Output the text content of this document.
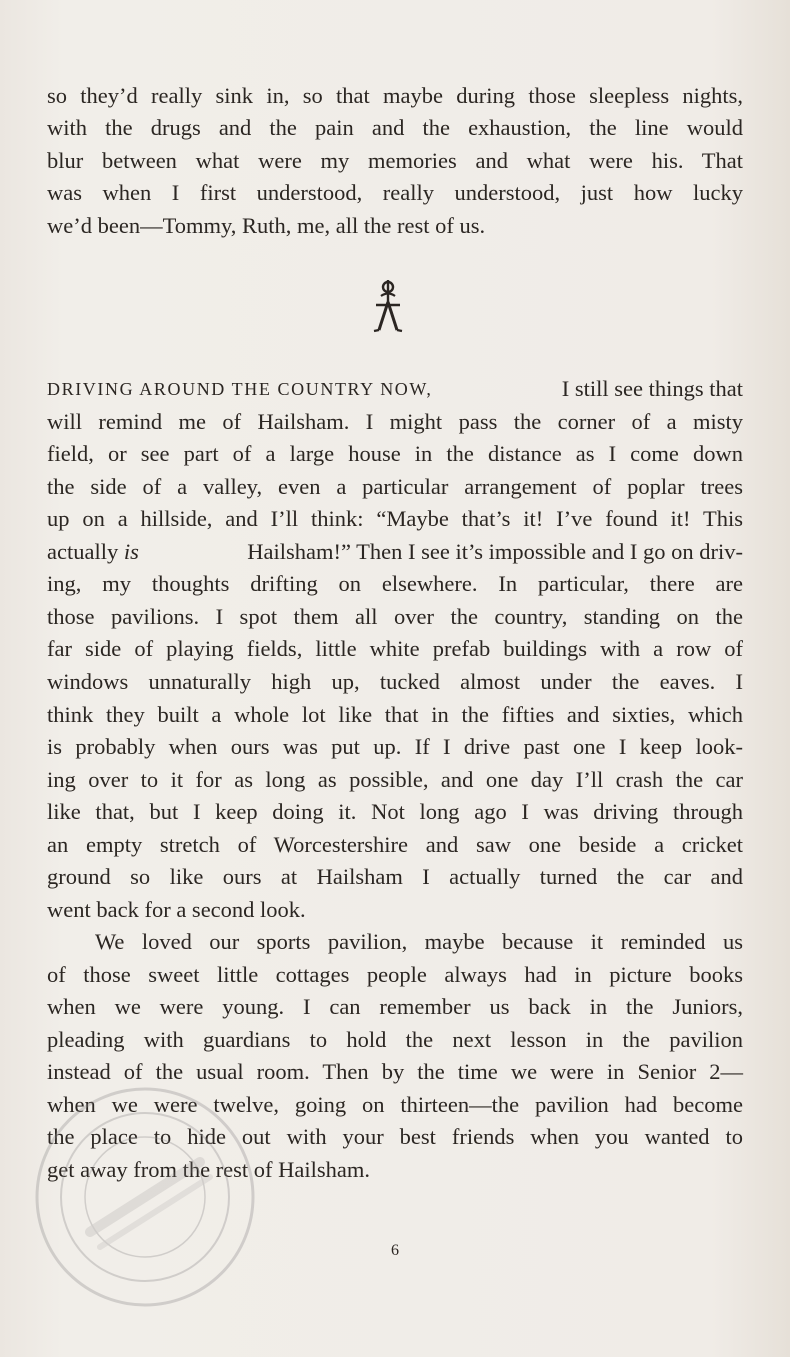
so they’d really sink in, so that maybe during those sleepless nights,
with the drugs and the pain and the exhaustion, the line would
blur between what were my memories and what were his. That
was when I first understood, really understood, just how lucky
we’d been—Tommy, Ruth, me, all the rest of us.
DRIVING AROUND THE COUNTRY NOW,	I still see things that
will remind me of Hailsham. I might pass the corner of a misty
field, or see part of a large house in the distance as I come down
the side of a valley, even a particular arrangement of poplar trees
up on a hillside, and I’ll think: “Maybe that’s it! I’ve found it! This
actually is	Hailsham!” Then I see it’s impossible and I go on driv-
ing, my thoughts drifting on elsewhere. In particular, there are
those pavilions. I spot them all over the country, standing on the
far side of playing fields, little white prefab buildings with a row of
windows unnaturally high up, tucked almost under the eaves. I
think they built a whole lot like that in the fifties and sixties, which
is probably when ours was put up. If I drive past one I keep look-
ing over to it for as long as possible, and one day I’ll crash the car
like that, but I keep doing it. Not long ago I was driving through
an empty stretch of Worcestershire and saw one beside a cricket
ground so like ours at Hailsham I actually turned the car and
went back for a second look.
We loved our sports pavilion, maybe because it reminded us
of those sweet little cottages people always had in picture books
when we were young. I can remember us back in the Juniors,
pleading with guardians to hold the next lesson in the pavilion
instead of the usual room. Then by the time we were in Senior 2—
when we were twelve, going on thirteen—the pavilion had become
the place to hide out with your best friends when you wanted to
get away from the rest of Hailsham.
6
